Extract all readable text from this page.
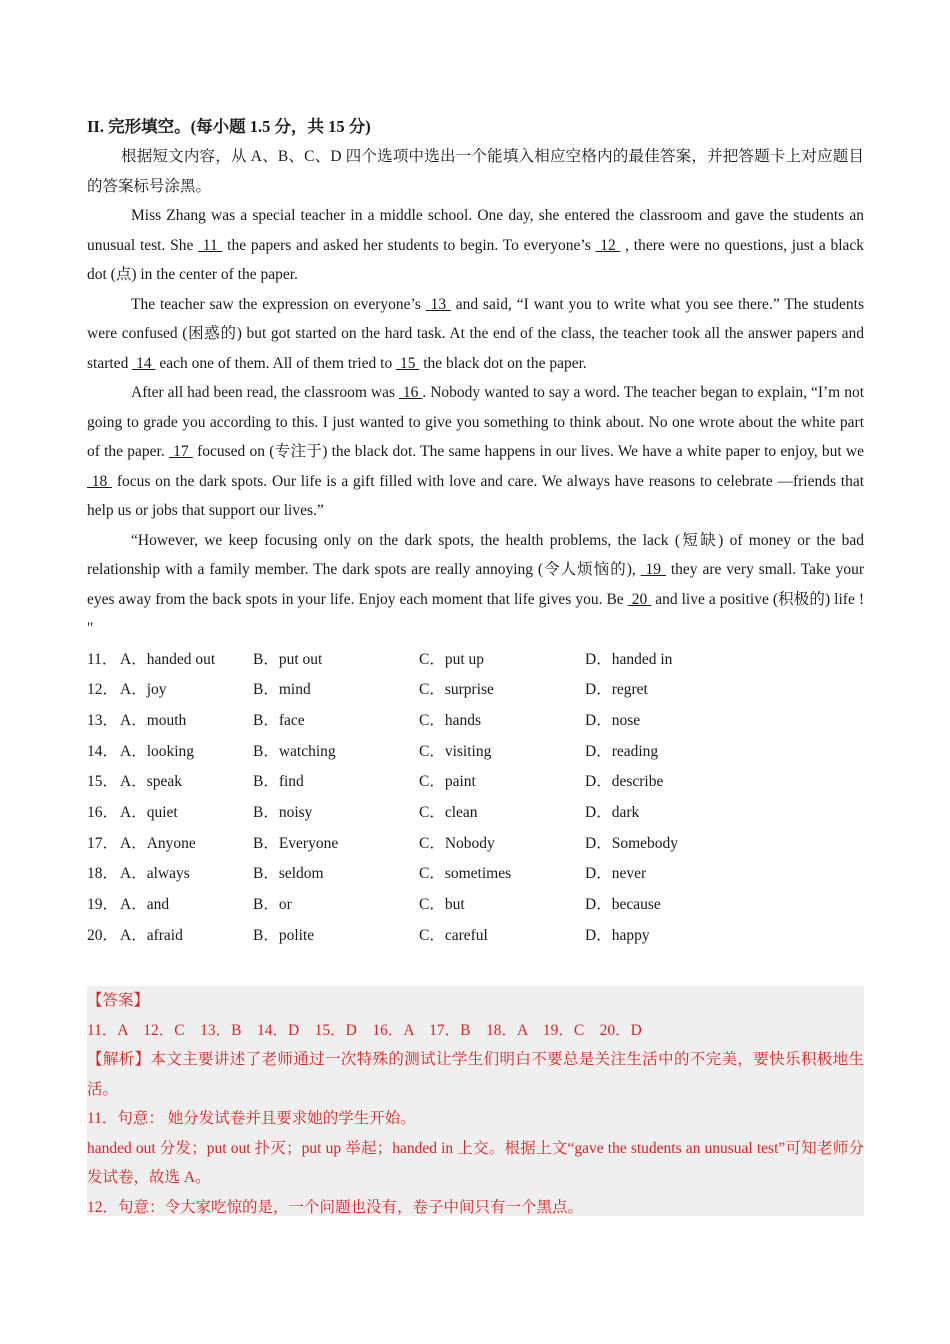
II. 完形填空。(每小题 1.5 分，共 15 分)

根据短文内容，从 A、B、C、D 四个选项中选出一个能填入相应空格内的最佳答案，并把答题卡上对应题目的答案标号涂黑。

Miss Zhang was a special teacher in a middle school. One day, she entered the classroom and gave the students an unusual test. She  11  the papers and asked her students to begin. To everyone’s  12  , there were no questions, just a black dot (点) in the center of the paper.

The teacher saw the expression on everyone’s  13  and said, “I want you to write what you see there.” The students were confused (困惑的) but got started on the hard task. At the end of the class, the teacher took all the answer papers and started  14  each one of them. All of them tried to  15  the black dot on the paper.

After all had been read, the classroom was  16 . Nobody wanted to say a word. The teacher began to explain, “I’m not going to grade you according to this. I just wanted to give you something to think about. No one wrote about the white part of the paper.  17  focused on (专注于) the black dot. The same happens in our lives. We have a white paper to enjoy, but we  18  focus on the dark spots. Our life is a gift filled with love and care. We always have reasons to celebrate —friends that help us or jobs that support our lives.”

“However, we keep focusing only on the dark spots, the health problems, the lack (短缺) of money or the bad relationship with a family member. The dark spots are really annoying (令人烦恼的),  19  they are very small. Take your eyes away from the back spots in your life. Enjoy each moment that life gives you. Be  20  and live a positive (积极的) life ! "

11． A．handed out	B．put out	C．put up	D．handed in
12． A．joy	B．mind	C．surprise	D．regret
13． A．mouth	B．face	C．hands	D．nose
14． A．looking	B．watching	C．visiting	D．reading
15． A．speak	B．find	C．paint	D．describe
16． A．quiet	B．noisy	C．clean	D．dark
17． A．Anyone	B．Everyone	C．Nobody	D．Somebody
18． A．always	B．seldom	C．sometimes	D．never
19． A．and	B．or	C．but	D．because
20． A．afraid	B．polite	C．careful	D．happy

【答案】

11．A    12．C    13．B    14．D    15．D    16．A    17．B    18．A    19．C    20．D

【解析】本文主要讲述了老师通过一次特殊的测试让学生们明白不要总是关注生活中的不完美，要快乐积极地生活。

11．句意： 她分发试卷并且要求她的学生开始。

handed out 分发；put out 扑灭；put up 举起；handed in 上交。根据上文“gave the students an unusual test”可知老师分发试卷，故选 A。

12．句意：令大家吃惊的是，一个问题也没有，卷子中间只有一个黑点。
